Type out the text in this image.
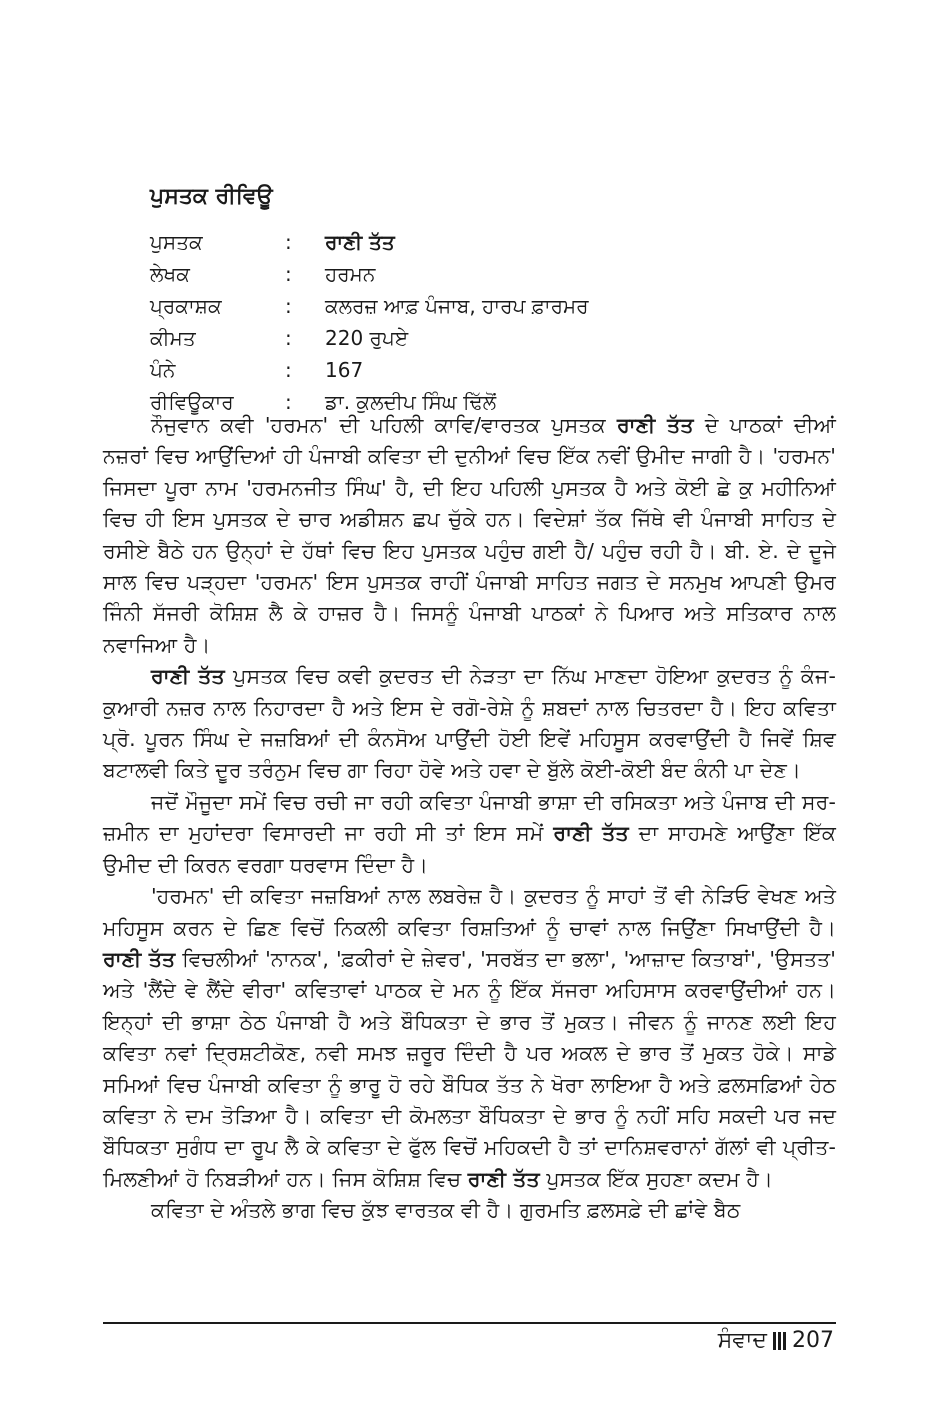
ਪੁਸਤਕ ਰੀਵਿਊ
ਪੁਸਤਕ	:	ਰਾਣੀ ਤੱਤ
ਲੇਖਕ	:	ਹਰਮਨ
ਪ੍ਰਕਾਸ਼ਕ	:	ਕਲਰਜ਼ ਆਫ਼ ਪੰਜਾਬ, ਹਾਰਪ ਫ਼ਾਰਮਰ
ਕੀਮਤ	:	220 ਰੁਪਏ
ਪੰਨੇ	:	167
ਰੀਵਿਊਕਾਰ	:	ਡਾ. ਕੁਲਦੀਪ ਸਿੰਘ ਢਿੱਲੋਂ

ਨੌਜੁਵਾਨ ਕਵੀ 'ਹਰਮਨ' ਦੀ ਪਹਿਲੀ ਕਾਵਿ/ਵਾਰਤਕ ਪੁਸਤਕ ਰਾਣੀ ਤੱਤ ਦੇ ਪਾਠਕਾਂ ਦੀਆਂ ਨਜ਼ਰਾਂ ਵਿਚ ਆਉਂਦਿਆਂ ਹੀ ਪੰਜਾਬੀ ਕਵਿਤਾ ਦੀ ਦੁਨੀਆਂ ਵਿਚ ਇੱਕ ਨਵੀਂ ਉਮੀਦ ਜਾਗੀ ਹੈ। 'ਹਰਮਨ' ਜਿਸਦਾ ਪੂਰਾ ਨਾਮ 'ਹਰਮਨਜੀਤ ਸਿੰਘ' ਹੈ, ਦੀ ਇਹ ਪਹਿਲੀ ਪੁਸਤਕ ਹੈ ਅਤੇ ਕੋਈ ਛੇ ਕੁ ਮਹੀਨਿਆਂ ਵਿਚ ਹੀ ਇਸ ਪੁਸਤਕ ਦੇ ਚਾਰ ਅਡੀਸ਼ਨ ਛਪ ਚੁੱਕੇ ਹਨ। ਵਿਦੇਸ਼ਾਂ ਤੱਕ ਜਿੱਥੇ ਵੀ ਪੰਜਾਬੀ ਸਾਹਿਤ ਦੇ ਰਸੀਏ ਬੈਠੇ ਹਨ ਉਨ੍ਹਾਂ ਦੇ ਹੱਥਾਂ ਵਿਚ ਇਹ ਪੁਸਤਕ ਪਹੁੰਚ ਗਈ ਹੈ/ ਪਹੁੰਚ ਰਹੀ ਹੈ। ਬੀ. ਏ. ਦੇ ਦੂਜੇ ਸਾਲ ਵਿਚ ਪੜ੍ਹਦਾ 'ਹਰਮਨ' ਇਸ ਪੁਸਤਕ ਰਾਹੀਂ ਪੰਜਾਬੀ ਸਾਹਿਤ ਜਗਤ ਦੇ ਸਨਮੁਖ ਆਪਣੀ ਉਮਰ ਜਿੰਨੀ ਸੱਜਰੀ ਕੋਸ਼ਿਸ਼ ਲੈ ਕੇ ਹਾਜ਼ਰ ਹੈ। ਜਿਸਨੂੰ ਪੰਜਾਬੀ ਪਾਠਕਾਂ ਨੇ ਪਿਆਰ ਅਤੇ ਸਤਿਕਾਰ ਨਾਲ ਨਵਾਜਿਆ ਹੈ।

ਰਾਣੀ ਤੱਤ ਪੁਸਤਕ ਵਿਚ ਕਵੀ ਕੁਦਰਤ ਦੀ ਨੇੜਤਾ ਦਾ ਨਿੱਘ ਮਾਣਦਾ ਹੋਇਆ ਕੁਦਰਤ ਨੂੰ ਕੰਜ-ਕੁਆਰੀ ਨਜ਼ਰ ਨਾਲ ਨਿਹਾਰਦਾ ਹੈ ਅਤੇ ਇਸ ਦੇ ਰਗੋ-ਰੇਸ਼ੇ ਨੂੰ ਸ਼ਬਦਾਂ ਨਾਲ ਚਿਤਰਦਾ ਹੈ। ਇਹ ਕਵਿਤਾ ਪ੍ਰੋ. ਪੂਰਨ ਸਿੰਘ ਦੇ ਜਜ਼ਬਿਆਂ ਦੀ ਕੰਨਸੋਅ ਪਾਉਂਦੀ ਹੋਈ ਇਵੇਂ ਮਹਿਸੂਸ ਕਰਵਾਉਂਦੀ ਹੈ ਜਿਵੇਂ ਸ਼ਿਵ ਬਟਾਲਵੀ ਕਿਤੇ ਦੂਰ ਤਰੰਨੁਮ ਵਿਚ ਗਾ ਰਿਹਾ ਹੋਵੇ ਅਤੇ ਹਵਾ ਦੇ ਬੁੱਲੇ ਕੋਈ-ਕੋਈ ਬੰਦ ਕੰਨੀ ਪਾ ਦੇਣ।

ਜਦੋਂ ਮੌਜੂਦਾ ਸਮੇਂ ਵਿਚ ਰਚੀ ਜਾ ਰਹੀ ਕਵਿਤਾ ਪੰਜਾਬੀ ਭਾਸ਼ਾ ਦੀ ਰਸਿਕਤਾ ਅਤੇ ਪੰਜਾਬ ਦੀ ਸਰ-ਜ਼ਮੀਨ ਦਾ ਮੁਹਾਂਦਰਾ ਵਿਸਾਰਦੀ ਜਾ ਰਹੀ ਸੀ ਤਾਂ ਇਸ ਸਮੇਂ ਰਾਣੀ ਤੱਤ ਦਾ ਸਾਹਮਣੇ ਆਉਂਣਾ ਇੱਕ ਉਮੀਦ ਦੀ ਕਿਰਨ ਵਰਗਾ ਧਰਵਾਸ ਦਿੰਦਾ ਹੈ।

'ਹਰਮਨ' ਦੀ ਕਵਿਤਾ ਜਜ਼ਬਿਆਂ ਨਾਲ ਲਬਰੇਜ਼ ਹੈ। ਕੁਦਰਤ ਨੂੰ ਸਾਹਾਂ ਤੋਂ ਵੀ ਨੇੜਿਓ ਵੇਖਣ ਅਤੇ ਮਹਿਸੂਸ ਕਰਨ ਦੇ ਛਿਣ ਵਿਚੋਂ ਨਿਕਲੀ ਕਵਿਤਾ ਰਿਸ਼ਤਿਆਂ ਨੂੰ ਚਾਵਾਂ ਨਾਲ ਜਿਉਂਣਾ ਸਿਖਾਉਂਦੀ ਹੈ। ਰਾਣੀ ਤੱਤ ਵਿਚਲੀਆਂ 'ਨਾਨਕ', 'ਫ਼ਕੀਰਾਂ ਦੇ ਜ਼ੇਵਰ', 'ਸਰਬੱਤ ਦਾ ਭਲਾ', 'ਆਜ਼ਾਦ ਕਿਤਾਬਾਂ', 'ਉਸਤਤ' ਅਤੇ 'ਲੈਂਦੇ ਵੇ ਲੈਂਦੇ ਵੀਰਾ' ਕਵਿਤਾਵਾਂ ਪਾਠਕ ਦੇ ਮਨ ਨੂੰ ਇੱਕ ਸੱਜਰਾ ਅਹਿਸਾਸ ਕਰਵਾਉਂਦੀਆਂ ਹਨ। ਇਨ੍ਹਾਂ ਦੀ ਭਾਸ਼ਾ ਠੇਠ ਪੰਜਾਬੀ ਹੈ ਅਤੇ ਬੌਧਿਕਤਾ ਦੇ ਭਾਰ ਤੋਂ ਮੁਕਤ। ਜੀਵਨ ਨੂੰ ਜਾਨਣ ਲਈ ਇਹ ਕਵਿਤਾ ਨਵਾਂ ਦ੍ਰਿਸ਼ਟੀਕੋਣ, ਨਵੀ ਸਮਝ ਜ਼ਰੂਰ ਦਿੰਦੀ ਹੈ ਪਰ ਅਕਲ ਦੇ ਭਾਰ ਤੋਂ ਮੁਕਤ ਹੋਕੇ। ਸਾਡੇ ਸਮਿਆਂ ਵਿਚ ਪੰਜਾਬੀ ਕਵਿਤਾ ਨੂੰ ਭਾਰੂ ਹੋ ਰਹੇ ਬੌਧਿਕ ਤੱਤ ਨੇ ਖੋਰਾ ਲਾਇਆ ਹੈ ਅਤੇ ਫ਼ਲਸਫ਼ਿਆਂ ਹੇਠ ਕਵਿਤਾ ਨੇ ਦਮ ਤੋੜਿਆ ਹੈ। ਕਵਿਤਾ ਦੀ ਕੋਮਲਤਾ ਬੌਧਿਕਤਾ ਦੇ ਭਾਰ ਨੂੰ ਨਹੀਂ ਸਹਿ ਸਕਦੀ ਪਰ ਜਦ ਬੌਧਿਕਤਾ ਸੁਗੰਧ ਦਾ ਰੂਪ ਲੈ ਕੇ ਕਵਿਤਾ ਦੇ ਫੁੱਲ ਵਿਚੋਂ ਮਹਿਕਦੀ ਹੈ ਤਾਂ ਦਾਨਿਸ਼ਵਰਾਨਾਂ ਗੱਲਾਂ ਵੀ ਪ੍ਰੀਤ-ਮਿਲਣੀਆਂ ਹੋ ਨਿਬੜੀਆਂ ਹਨ। ਜਿਸ ਕੋਸ਼ਿਸ਼ ਵਿਚ ਰਾਣੀ ਤੱਤ ਪੁਸਤਕ ਇੱਕ ਸੁਹਣਾ ਕਦਮ ਹੈ।

ਕਵਿਤਾ ਦੇ ਅੰਤਲੇ ਭਾਗ ਵਿਚ ਕੁੱਝ ਵਾਰਤਕ ਵੀ ਹੈ। ਗੁਰਮਤਿ ਫ਼ਲਸਫ਼ੇ ਦੀ ਛਾਂਵੇ ਬੈਠ

ਸੰਵਾਦ 207
